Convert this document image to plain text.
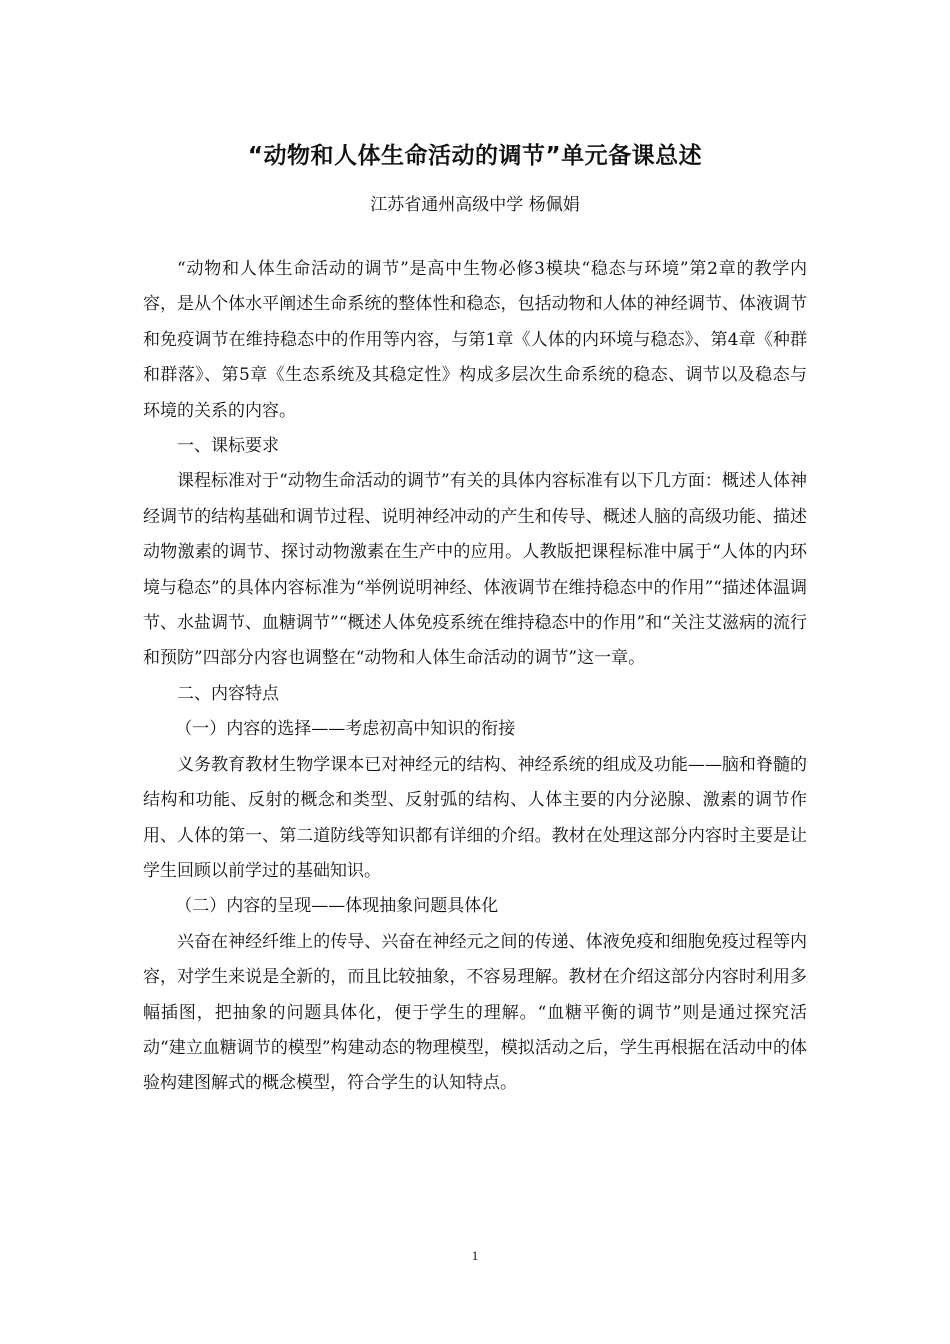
“动物和人体生命活动的调节”单元备课总述
江苏省通州高级中学 杨佩娟

“动物和人体生命活动的调节”是高中生物必修3模块“稳态与环境”第2章的教学内容，是从个体水平阐述生命系统的整体性和稳态，包括动物和人体的神经调节、体液调节和免疫调节在维持稳态中的作用等内容，与第1章《人体的内环境与稳态》、第4章《种群和群落》、第5章《生态系统及其稳定性》构成多层次生命系统的稳态、调节以及稳态与环境的关系的内容。

一、课标要求

课程标准对于“动物生命活动的调节”有关的具体内容标准有以下几方面：概述人体神经调节的结构基础和调节过程、说明神经冲动的产生和传导、概述人脑的高级功能、描述动物激素的调节、探讨动物激素在生产中的应用。人教版把课程标准中属于“人体的内环境与稳态”的具体内容标准为“举例说明神经、体液调节在维持稳态中的作用”“描述体温调节、水盐调节、血糖调节”“概述人体免疫系统在维持稳态中的作用”和“关注艾滋病的流行和预防”四部分内容也调整在“动物和人体生命活动的调节”这一章。

二、内容特点

（一）内容的选择——考虑初高中知识的衔接

义务教育教材生物学课本已对神经元的结构、神经系统的组成及功能——脑和脊髓的结构和功能、反射的概念和类型、反射弧的结构、人体主要的内分泌腺、激素的调节作用、人体的第一、第二道防线等知识都有详细的介绍。教材在处理这部分内容时主要是让学生回顾以前学过的基础知识。

（二）内容的呈现——体现抽象问题具体化

兴奋在神经纤维上的传导、兴奋在神经元之间的传递、体液免疫和细胞免疫过程等内容，对学生来说是全新的，而且比较抽象，不容易理解。教材在介绍这部分内容时利用多幅插图，把抽象的问题具体化，便于学生的理解。“血糖平衡的调节”则是通过探究活动“建立血糖调节的模型”构建动态的物理模型，模拟活动之后，学生再根据在活动中的体验构建图解式的概念模型，符合学生的认知特点。

1
